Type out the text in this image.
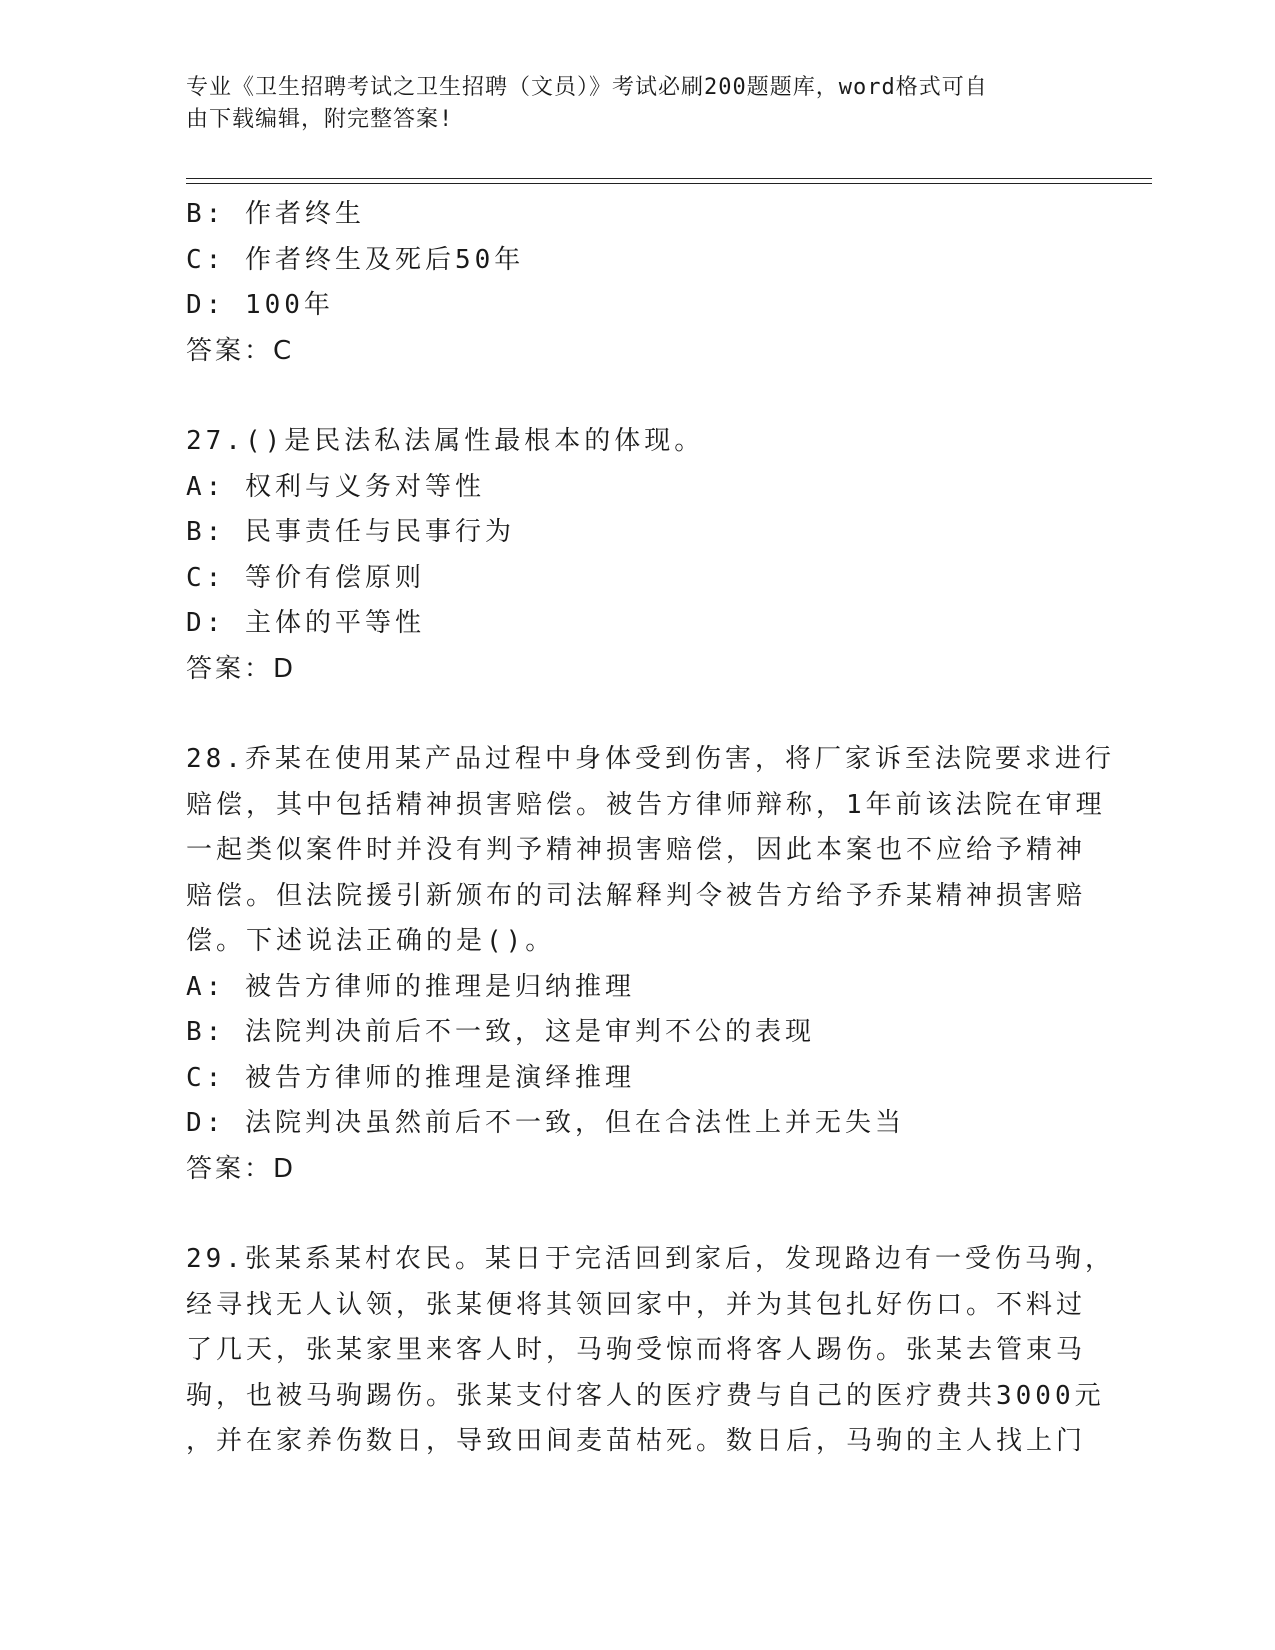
专业《卫生招聘考试之卫生招聘（文员）》考试必刷200题题库，word格式可自
由下载编辑，附完整答案!
B: 作者终生
C: 作者终生及死后50年
D: 100年
答案：C
27.()是民法私法属性最根本的体现。
A: 权利与义务对等性
B: 民事责任与民事行为
C: 等价有偿原则
D: 主体的平等性
答案：D
28.乔某在使用某产品过程中身体受到伤害，将厂家诉至法院要求进行
赔偿，其中包括精神损害赔偿。被告方律师辩称，1年前该法院在审理
一起类似案件时并没有判予精神损害赔偿，因此本案也不应给予精神
赔偿。但法院援引新颁布的司法解释判令被告方给予乔某精神损害赔
偿。下述说法正确的是()。
A: 被告方律师的推理是归纳推理
B: 法院判决前后不一致，这是审判不公的表现
C: 被告方律师的推理是演绎推理
D: 法院判决虽然前后不一致，但在合法性上并无失当
答案：D
29.张某系某村农民。某日于完活回到家后，发现路边有一受伤马驹，
经寻找无人认领，张某便将其领回家中，并为其包扎好伤口。不料过
了几天，张某家里来客人时，马驹受惊而将客人踢伤。张某去管束马
驹，也被马驹踢伤。张某支付客人的医疗费与自己的医疗费共3000元
，并在家养伤数日，导致田间麦苗枯死。数日后，马驹的主人找上门
